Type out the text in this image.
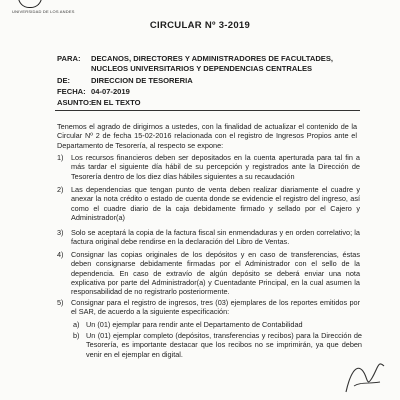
UNIVERSIDAD DE LOS ANDES
CIRCULAR Nº 3-2019
PARA:	DECANOS, DIRECTORES Y ADMINISTRADORES DE FACULTADES, NUCLEOS UNIVERSITARIOS Y DEPENDENCIAS CENTRALES
DE:	DIRECCION DE TESORERIA
FECHA: 04-07-2019
ASUNTO: EN EL TEXTO
Tenemos el agrado de dirigirnos a ustedes, con la finalidad de actualizar el contenido de la Circular Nº 2 de fecha 15-02-2016 relacionada con el registro de Ingresos Propios ante el Departamento de Tesorería, al respecto se expone:
1)	Los recursos financieros deben ser depositados en la cuenta aperturada para tal fin a más tardar el siguiente día hábil de su percepción y registrados ante la Dirección de Tesorería dentro de los diez días hábiles siguientes a su recaudación
2)	Las dependencias que tengan punto de venta deben realizar diariamente el cuadre y anexar la nota crédito o estado de cuenta donde se evidencie el registro del ingreso, así como el cuadre diario de la caja debidamente firmado y sellado por el Cajero y Administrador(a)
3)	Solo se aceptará la copia de la factura fiscal sin enmendaduras y en orden correlativo; la factura original debe rendirse en la declaración del Libro de Ventas.
4)	Consignar las copias originales de los depósitos y en caso de transferencias, éstas deben consignarse debidamente firmadas por el Administrador con el sello de la dependencia. En caso de extravío de algún depósito se deberá enviar una nota explicativa por parte del Administrador(a) y Cuentadante Principal, en la cual asumen la responsabilidad de no registrarlo posteriormente.
5)	Consignar para el registro de ingresos, tres (03) ejemplares de los reportes emitidos por el SAR, de acuerdo a la siguiente especificación:
a) Un (01) ejemplar para rendir ante el Departamento de Contabilidad
b) Un (01) ejemplar completo (depósitos, transferencias y recibos) para la Dirección de Tesorería, es importante destacar que los recibos no se imprimirán, ya que deben venir en el ejemplar en digital.
